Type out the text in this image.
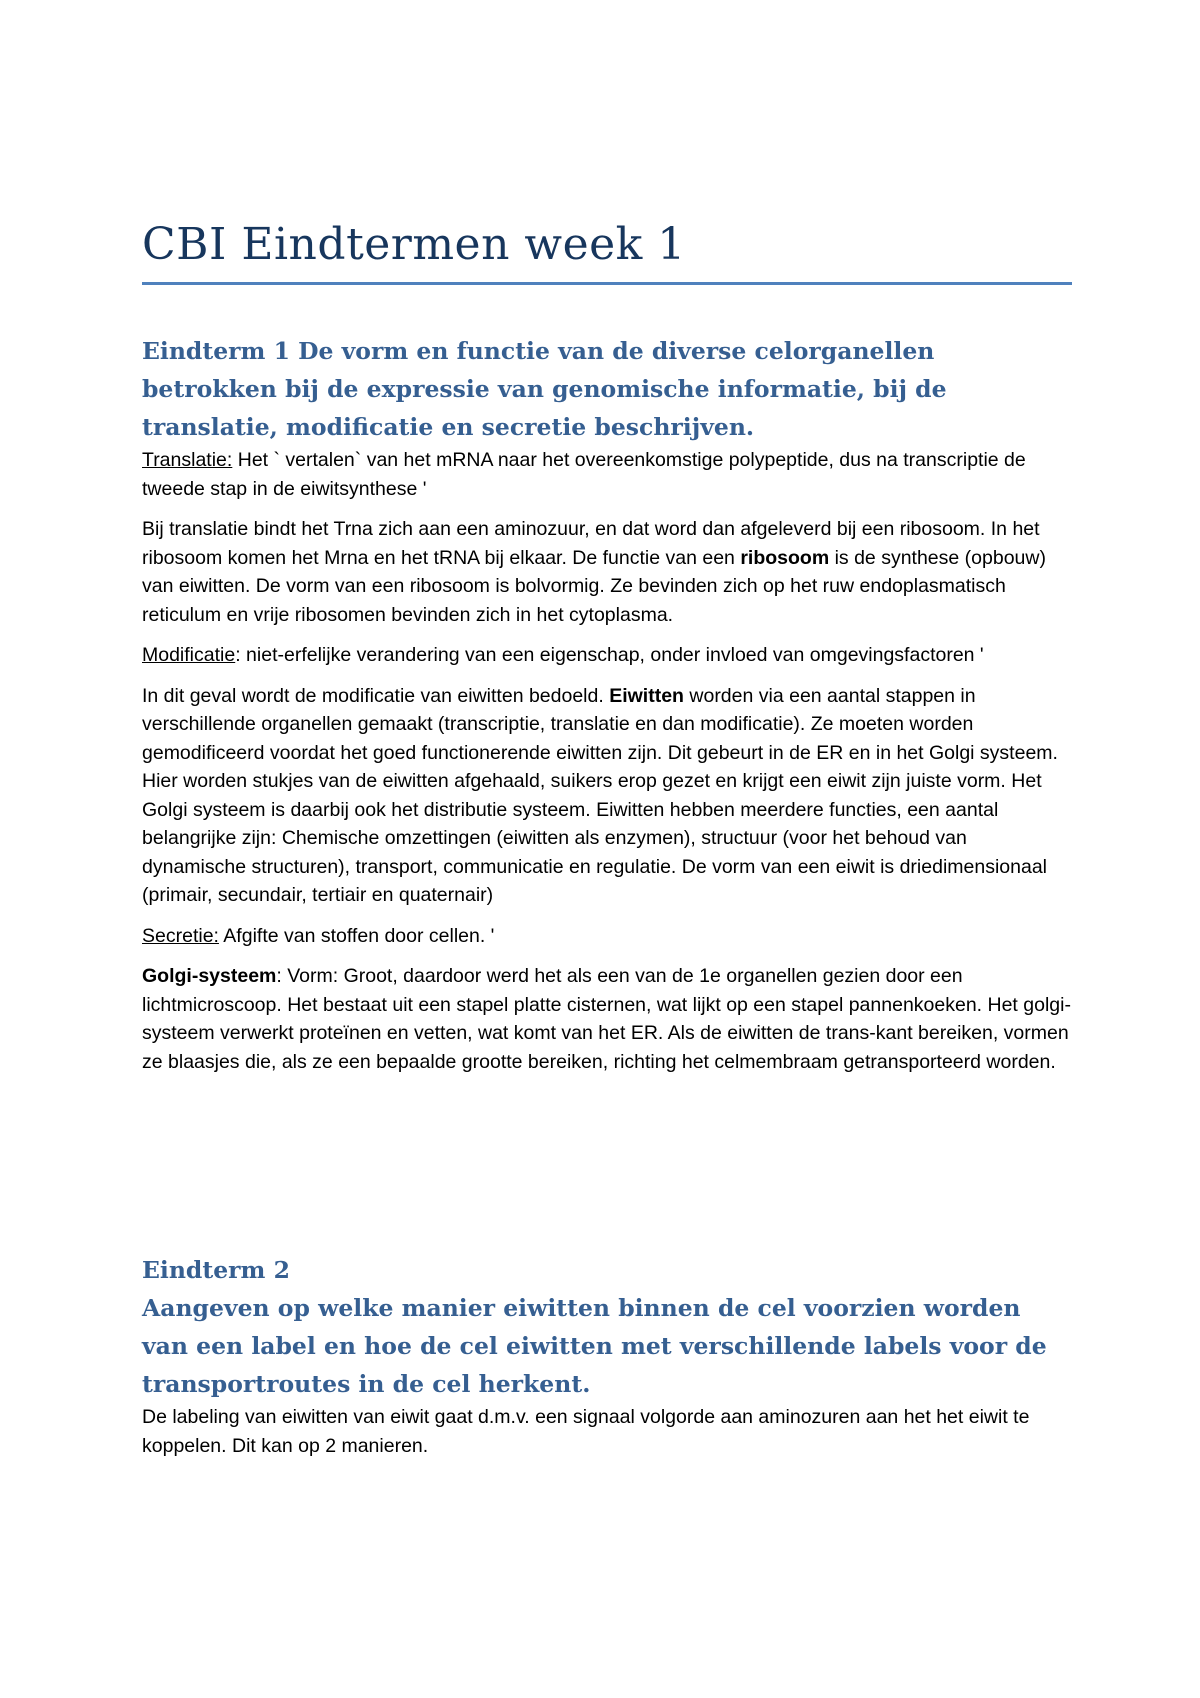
CBI Eindtermen week 1
Eindterm 1 De vorm en functie van de diverse celorganellen betrokken bij de expressie van genomische informatie, bij de translatie, modificatie en secretie beschrijven.

Translatie: Het ` vertalen` van het mRNA naar het overeenkomstige polypeptide, dus na transcriptie de tweede stap in de eiwitsynthese '

Bij translatie bindt het Trna zich aan een aminozuur, en dat word dan afgeleverd bij een ribosoom. In het ribosoom komen het Mrna en het tRNA bij elkaar. De functie van een ribosoom is de synthese (opbouw) van eiwitten. De vorm van een ribosoom is bolvormig. Ze bevinden zich op het ruw endoplasmatisch reticulum en vrije ribosomen bevinden zich in het cytoplasma.

Modificatie: niet-erfelijke verandering van een eigenschap, onder invloed van omgevingsfactoren '

In dit geval wordt de modificatie van eiwitten bedoeld. Eiwitten worden via een aantal stappen in verschillende organellen gemaakt (transcriptie, translatie en dan modificatie). Ze moeten worden gemodificeerd voordat het goed functionerende eiwitten zijn. Dit gebeurt in de ER en in het Golgi systeem. Hier worden stukjes van de eiwitten afgehaald, suikers erop gezet en krijgt een eiwit zijn juiste vorm. Het Golgi systeem is daarbij ook het distributie systeem. Eiwitten hebben meerdere functies, een aantal belangrijke zijn: Chemische omzettingen (eiwitten als enzymen), structuur (voor het behoud van dynamische structuren), transport, communicatie en regulatie. De vorm van een eiwit is driedimensionaal (primair, secundair, tertiair en quaternair)

Secretie: Afgifte van stoffen door cellen. '

Golgi-systeem: Vorm: Groot, daardoor werd het als een van de 1e organellen gezien door een lichtmicroscoop. Het bestaat uit een stapel platte cisternen, wat lijkt op een stapel pannenkoeken. Het golgi-systeem verwerkt proteïnen en vetten, wat komt van het ER. Als de eiwitten de trans-kant bereiken, vormen ze blaasjes die, als ze een bepaalde grootte bereiken, richting het celmembraam getransporteerd worden.

Eindterm 2
Aangeven op welke manier eiwitten binnen de cel voorzien worden van een label en hoe de cel eiwitten met verschillende labels voor de transportroutes in de cel herkent.

De labeling van eiwitten van eiwit gaat d.m.v. een signaal volgorde aan aminozuren aan het het eiwit te koppelen. Dit kan op 2 manieren.
